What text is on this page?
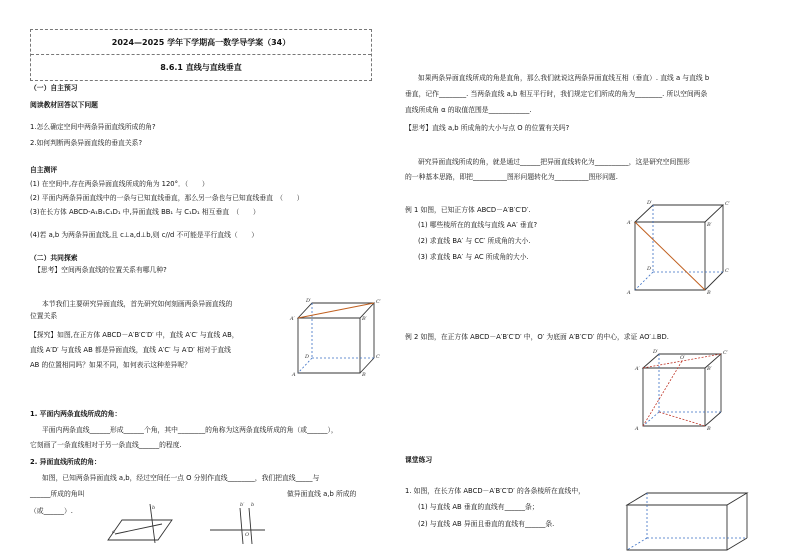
2024—2025 学年下学期高一数学导学案（34）
8.6.1 直线与直线垂直
（一）自主预习
阅读教材回答以下问题
1.怎么确定空间中两条异面直线所成的角?
2.如何判断两条异面直线的垂直关系?
自主测评
(1) 在空间中,存在两条异面直线所成的角为 120°．（　　）
(2) 平面内两条异面直线中的一条与已知直线垂直，那么另一条也与已知直线垂直　（　　）
(3)在长方体 ABCD-A₁B₁C₁D₁ 中,异面直线 BB₁ 与 C₁D₁ 相互垂直　（　　）
(4)若 a,b 为两条异面直线,且 c⊥a,d⊥b,则 c//d 不可能是平行直线（　　）
（二）共同探索
【思考】空间两条直线的位置关系有哪几种?
本节我们主要研究异面直线，首先研究如何刻画两条异面直线的
位置关系
【探究】如图,在正方体 ABCD－A′B′C′D′ 中，直线 A′C′ 与直线 AB，
直线 A′D′ 与直线 AB 都是异面直线，直线 A′C′ 与 A′D′ 相对于直线
AB 的位置相同吗？如果不同，如何表示这种差异呢？
D′	C′
A′	B′
D	C
A	B
1. 平面内两条直线所成的角：
平面内两条直线______形成______个角，其中________的角称为这两条直线所成的角（或______），
它刻画了一条直线相对于另一条直线______的程度.
2. 异面直线所成的角：
如图，已知两条异面直线 a,b，经过空间任一点 O 分别作直线________，我们把直线_____与
______所成的角叫	做异面直线 a,b 所成的
（或______）.
a
b	b′ b
O
如果两条异面直线所成的角是直角，那么我们就说这两条异面直线互相（垂直）. 直线 a 与直线 b
垂直，记作________. 当两条直线 a,b 相互平行时，我们规定它们所成的角为________. 所以空间两条
直线所成角 α 的取值范围是____________.
【思考】直线 a,b 所成角的大小与点 O 的位置有关吗?
研究异面直线所成的角，就是通过______把异面直线转化为__________，这是研究空间图形
的一种基本思路，即把__________图形问题转化为__________图形问题.
例 1 如图，已知正方体 ABCD－A′B′C′D′.
(1) 哪些棱所在的直线与直线 AA′ 垂直?
(2) 求直线 BA′ 与 CC′ 所成角的大小.
(3) 求直线 BA′ 与 AC 所成角的大小.
D′	C′
A′	B′
D	C
A	B
例 2 如图，在正方体 ABCD－A′B′C′D′ 中，O′ 为底面 A′B′C′D′ 的中心，求证 AO′⊥BD.
D′	C′
O′
A′	B′
A	B
课堂练习
1. 如图，在长方体 ABCD－A′B′C′D′ 的各条棱所在直线中，
(1) 与直线 AB 垂直的直线有______条；
(2) 与直线 AB 异面且垂直的直线有______条.
